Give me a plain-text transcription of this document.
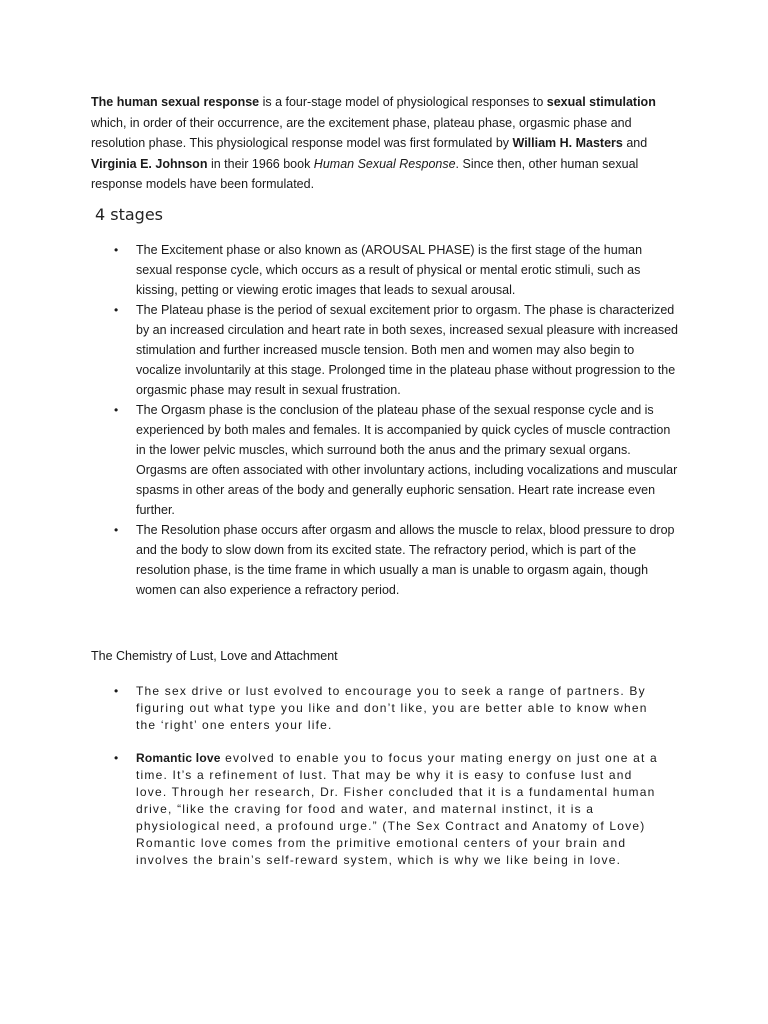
The human sexual response is a four-stage model of physiological responses to sexual stimulation which, in order of their occurrence, are the excitement phase, plateau phase, orgasmic phase and resolution phase. This physiological response model was first formulated by William H. Masters and Virginia E. Johnson in their 1966 book Human Sexual Response. Since then, other human sexual response models have been formulated.

4 stages
• The Excitement phase or also known as (AROUSAL PHASE) is the first stage of the human sexual response cycle, which occurs as a result of physical or mental erotic stimuli, such as kissing, petting or viewing erotic images that leads to sexual arousal.
• The Plateau phase is the period of sexual excitement prior to orgasm. The phase is characterized by an increased circulation and heart rate in both sexes, increased sexual pleasure with increased stimulation and further increased muscle tension. Both men and women may also begin to vocalize involuntarily at this stage. Prolonged time in the plateau phase without progression to the orgasmic phase may result in sexual frustration.
• The Orgasm phase is the conclusion of the plateau phase of the sexual response cycle and is experienced by both males and females. It is accompanied by quick cycles of muscle contraction in the lower pelvic muscles, which surround both the anus and the primary sexual organs. Orgasms are often associated with other involuntary actions, including vocalizations and muscular spasms in other areas of the body and generally euphoric sensation. Heart rate increase even further.
• The Resolution phase occurs after orgasm and allows the muscle to relax, blood pressure to drop and the body to slow down from its excited state. The refractory period, which is part of the resolution phase, is the time frame in which usually a man is unable to orgasm again, though women can also experience a refractory period.
The Chemistry of Lust, Love and Attachment
• The sex drive or lust evolved to encourage you to seek a range of partners. By figuring out what type you like and don’t like, you are better able to know when the ‘right’ one enters your life.
• Romantic love evolved to enable you to focus your mating energy on just one at a time. It’s a refinement of lust. That may be why it is easy to confuse lust and love. Through her research, Dr. Fisher concluded that it is a fundamental human drive, “like the craving for food and water, and maternal instinct, it is a physiological need, a profound urge.” (The Sex Contract and Anatomy of Love) Romantic love comes from the primitive emotional centers of your brain and involves the brain’s self-reward system, which is why we like being in love.
